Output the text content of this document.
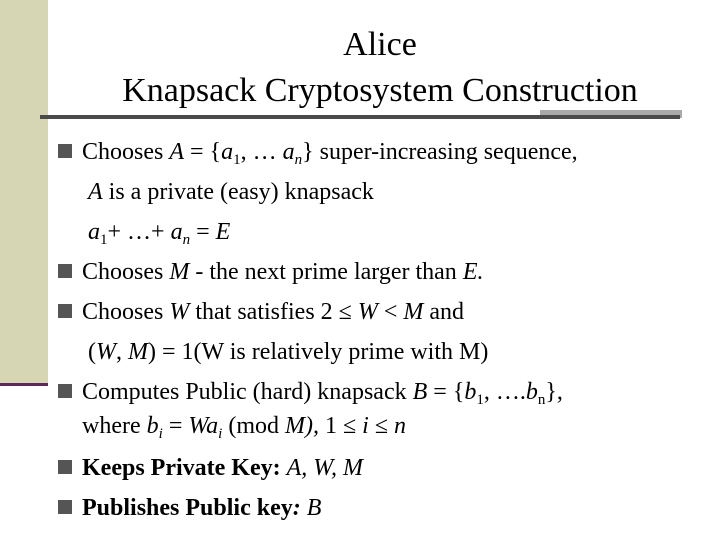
Alice
Knapsack Cryptosystem Construction
Chooses $A = \{a_1$, … $a_n$} super-increasing sequence,
A is a private (easy) knapsack
$a_1+$ …+ $a_n = E$
Chooses M - the next prime larger than E.
Chooses W that satisfies 2 ≤ W < M and
(W, M) = 1(W is relatively prime with M)
Computes Public (hard) knapsack $B = \{b_1$, $\dots.b_n$},
where $b_i = Wa_i$ (mod M), 1 ≤ i ≤ n
Keeps Private Key: A, W, M
Publishes Public key: B
